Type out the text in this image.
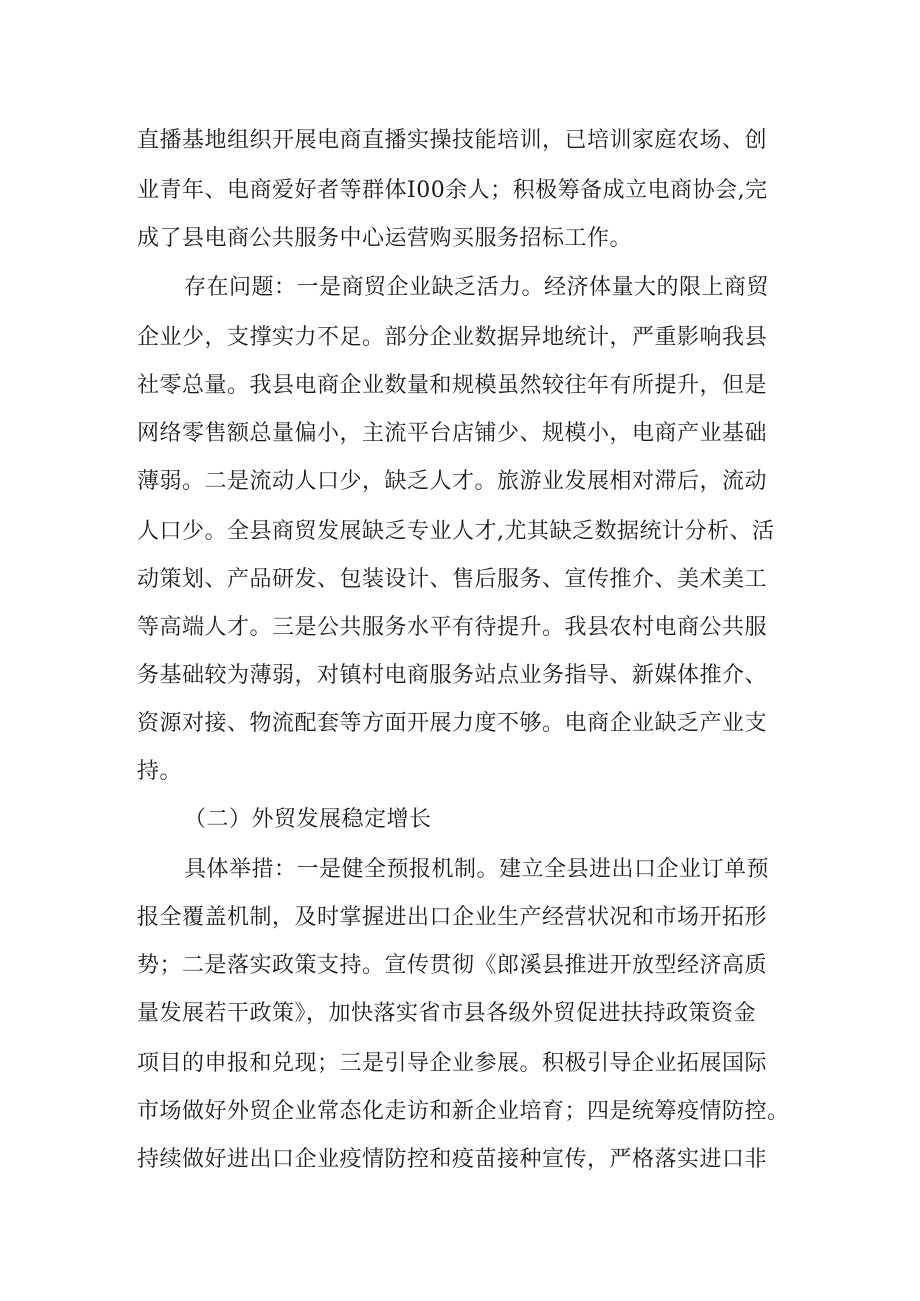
直播基地组织开展电商直播实操技能培训，已培训家庭农场、创
业青年、电商爱好者等群体I00余人；积极筹备成立电商协会,完
成了县电商公共服务中心运营购买服务招标工作。
存在问题：一是商贸企业缺乏活力。经济体量大的限上商贸
企业少，支撑实力不足。部分企业数据异地统计，严重影响我县
社零总量。我县电商企业数量和规模虽然较往年有所提升，但是
网络零售额总量偏小，主流平台店铺少、规模小，电商产业基础
薄弱。二是流动人口少，缺乏人才。旅游业发展相对滞后，流动
人口少。全县商贸发展缺乏专业人才,尤其缺乏数据统计分析、活
动策划、产品研发、包装设计、售后服务、宣传推介、美术美工
等高端人才。三是公共服务水平有待提升。我县农村电商公共服
务基础较为薄弱，对镇村电商服务站点业务指导、新媒体推介、
资源对接、物流配套等方面开展力度不够。电商企业缺乏产业支
持。
（二）外贸发展稳定增长
具体举措：一是健全预报机制。建立全县进出口企业订单预
报全覆盖机制，及时掌握进出口企业生产经营状况和市场开拓形
势；二是落实政策支持。宣传贯彻《郎溪县推进开放型经济高质
量发展若干政策》，加快落实省市县各级外贸促进扶持政策资金
项目的申报和兑现；三是引导企业参展。积极引导企业拓展国际
市场做好外贸企业常态化走访和新企业培育；四是统筹疫情防控。
持续做好进出口企业疫情防控和疫苗接种宣传，严格落实进口非
